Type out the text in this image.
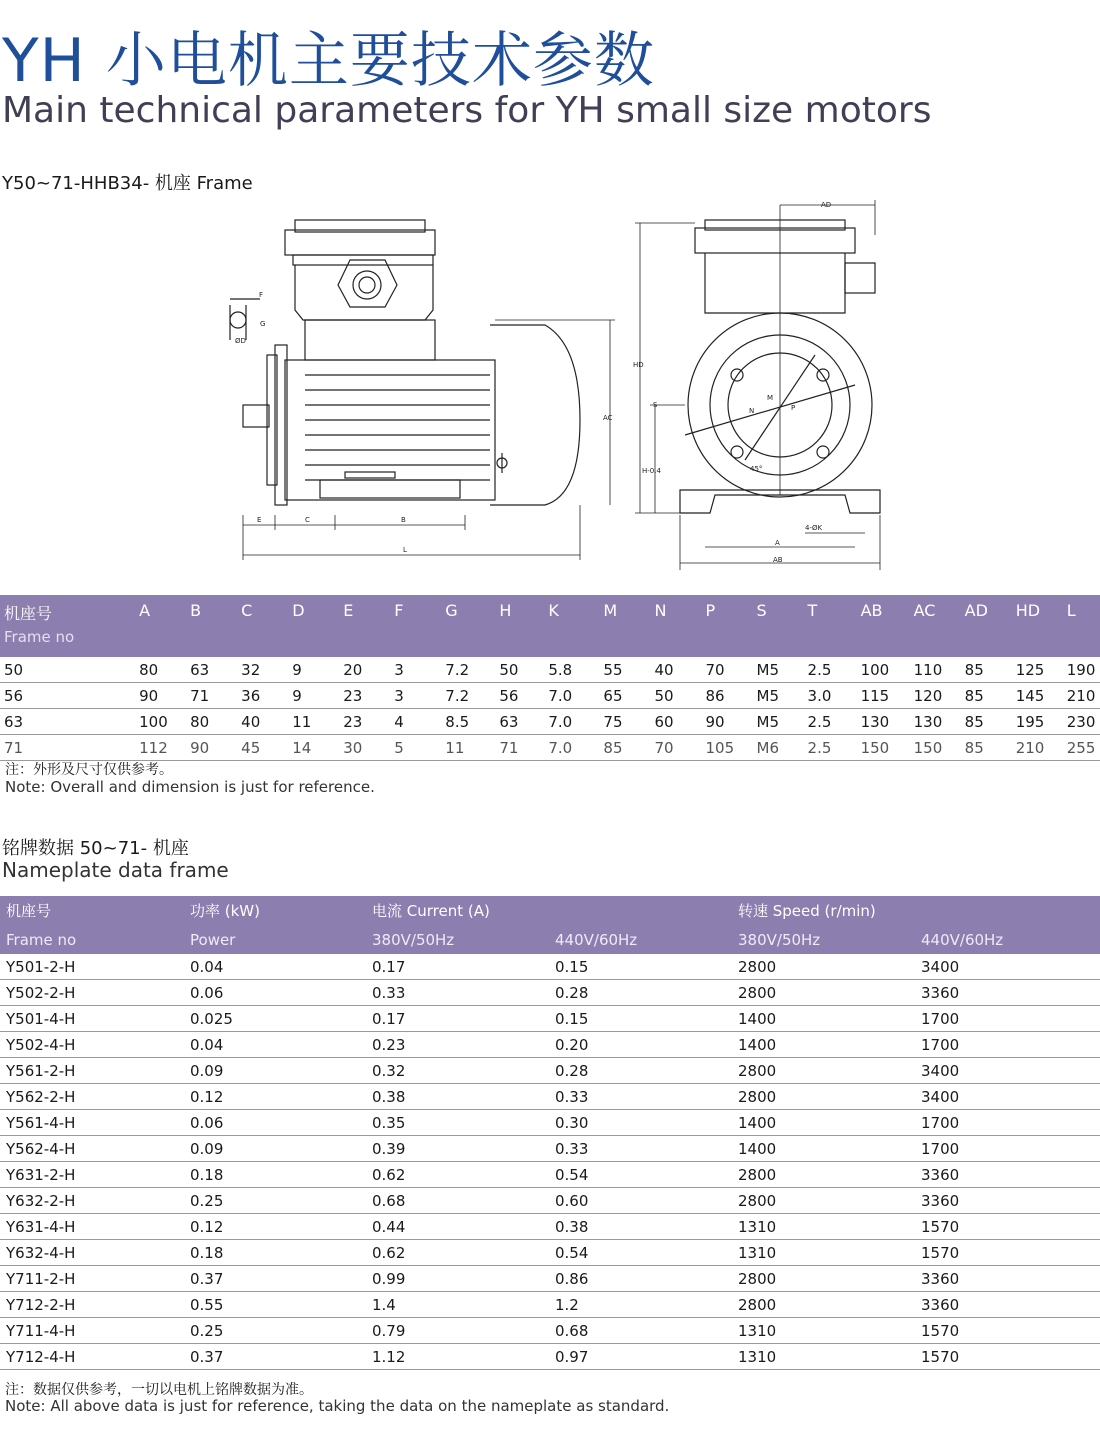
YH 小电机主要技术参数
Main technical parameters for YH small size motors
Y50~71-HHB34- 机座 Frame
F
G
ØD
AC
E	C	B
L
AD
HD
S
M
N	P
H-0.4	45°
4-ØK
A
AB
机座号
Frame no	A	B	C	D	E	F	G	H	K	M	N	P	S	T	AB	AC	AD	HD	L
50	80	63	32	9	20	3	7.2	50	5.8	55	40	70	M5	2.5	100	110	85	125	190
56	90	71	36	9	23	3	7.2	56	7.0	65	50	86	M5	3.0	115	120	85	145	210
63	100	80	40	11	23	4	8.5	63	7.0	75	60	90	M5	2.5	130	130	85	195	230
71	112	90	45	14	30	5	11	71	7.0	85	70	105	M6	2.5	150	150	85	210	255
注：外形及尺寸仅供参考。
Note: Overall and dimension is just for reference.
铭牌数据 50~71- 机座
Nameplate data frame
机座号	功率 (kW)	电流 Current (A)		转速 Speed (r/min)	
Frame no	Power	380V/50Hz	440V/60Hz	380V/50Hz	440V/60Hz
Y501-2-H	0.04	0.17	0.15	2800	3400
Y502-2-H	0.06	0.33	0.28	2800	3360
Y501-4-H	0.025	0.17	0.15	1400	1700
Y502-4-H	0.04	0.23	0.20	1400	1700
Y561-2-H	0.09	0.32	0.28	2800	3400
Y562-2-H	0.12	0.38	0.33	2800	3400
Y561-4-H	0.06	0.35	0.30	1400	1700
Y562-4-H	0.09	0.39	0.33	1400	1700
Y631-2-H	0.18	0.62	0.54	2800	3360
Y632-2-H	0.25	0.68	0.60	2800	3360
Y631-4-H	0.12	0.44	0.38	1310	1570
Y632-4-H	0.18	0.62	0.54	1310	1570
Y711-2-H	0.37	0.99	0.86	2800	3360
Y712-2-H	0.55	1.4	1.2	2800	3360
Y711-4-H	0.25	0.79	0.68	1310	1570
Y712-4-H	0.37	1.12	0.97	1310	1570
注：数据仅供参考，一切以电机上铭牌数据为准。
Note: All above data is just for reference, taking the data on the nameplate as standard.
